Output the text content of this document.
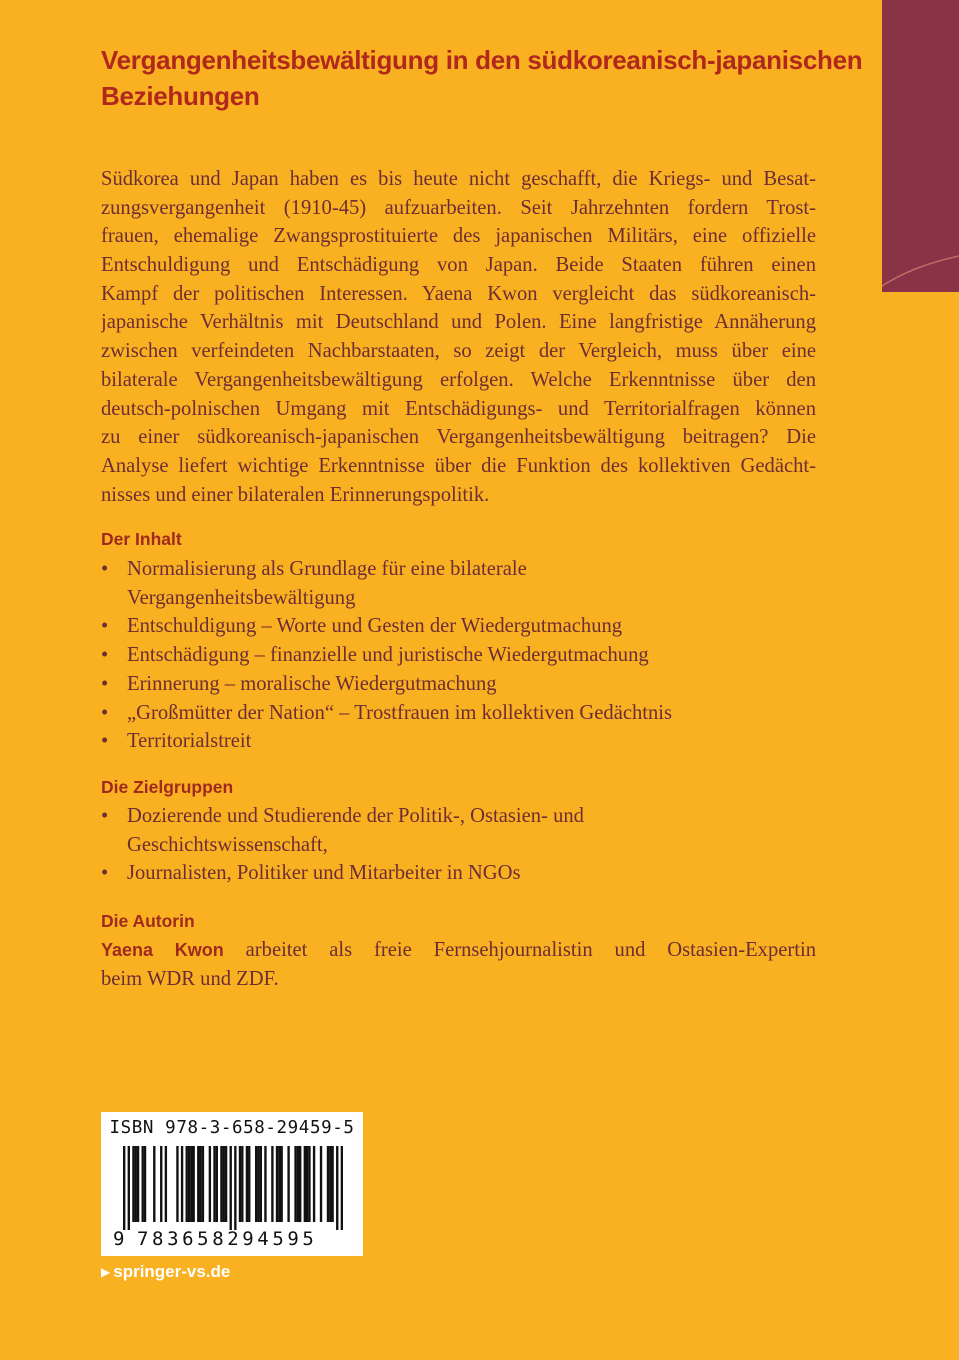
Vergangenheitsbewältigung in den südkoreanisch-japanischen
Beziehungen
Südkorea und Japan haben es bis heute nicht geschafft, die Kriegs- und Besat-
zungsvergangenheit (1910-45) aufzuarbeiten. Seit Jahrzehnten fordern Trost-
frauen, ehemalige Zwangsprostituierte des japanischen Militärs, eine offizielle
Entschuldigung und Entschädigung von Japan. Beide Staaten führen einen
Kampf der politischen Interessen. Yaena Kwon vergleicht das südkoreanisch-
japanische Verhältnis mit Deutschland und Polen. Eine langfristige Annäherung
zwischen verfeindeten Nachbarstaaten, so zeigt der Vergleich, muss über eine
bilaterale Vergangenheitsbewältigung erfolgen. Welche Erkenntnisse über den
deutsch-polnischen Umgang mit Entschädigungs- und Territorialfragen können
zu einer südkoreanisch-japanischen Vergangenheitsbewältigung beitragen? Die
Analyse liefert wichtige Erkenntnisse über die Funktion des kollektiven Gedächt-
nisses und einer bilateralen Erinnerungspolitik.
Der Inhalt
• Normalisierung als Grundlage für eine bilaterale
Vergangenheitsbewältigung
• Entschuldigung – Worte und Gesten der Wiedergutmachung
• Entschädigung – finanzielle und juristische Wiedergutmachung
• Erinnerung – moralische Wiedergutmachung
• „Großmütter der Nation“ – Trostfrauen im kollektiven Gedächtnis
• Territorialstreit
Die Zielgruppen
• Dozierende und Studierende der Politik-, Ostasien- und
Geschichtswissenschaft,
• Journalisten, Politiker und Mitarbeiter in NGOs
Die Autorin
Yaena Kwon arbeitet als freie Fernsehjournalistin und Ostasien-Expertin
beim WDR und ZDF.
ISBN 978-3-658-29459-5
9 783658294595
▶ springer-vs.de
